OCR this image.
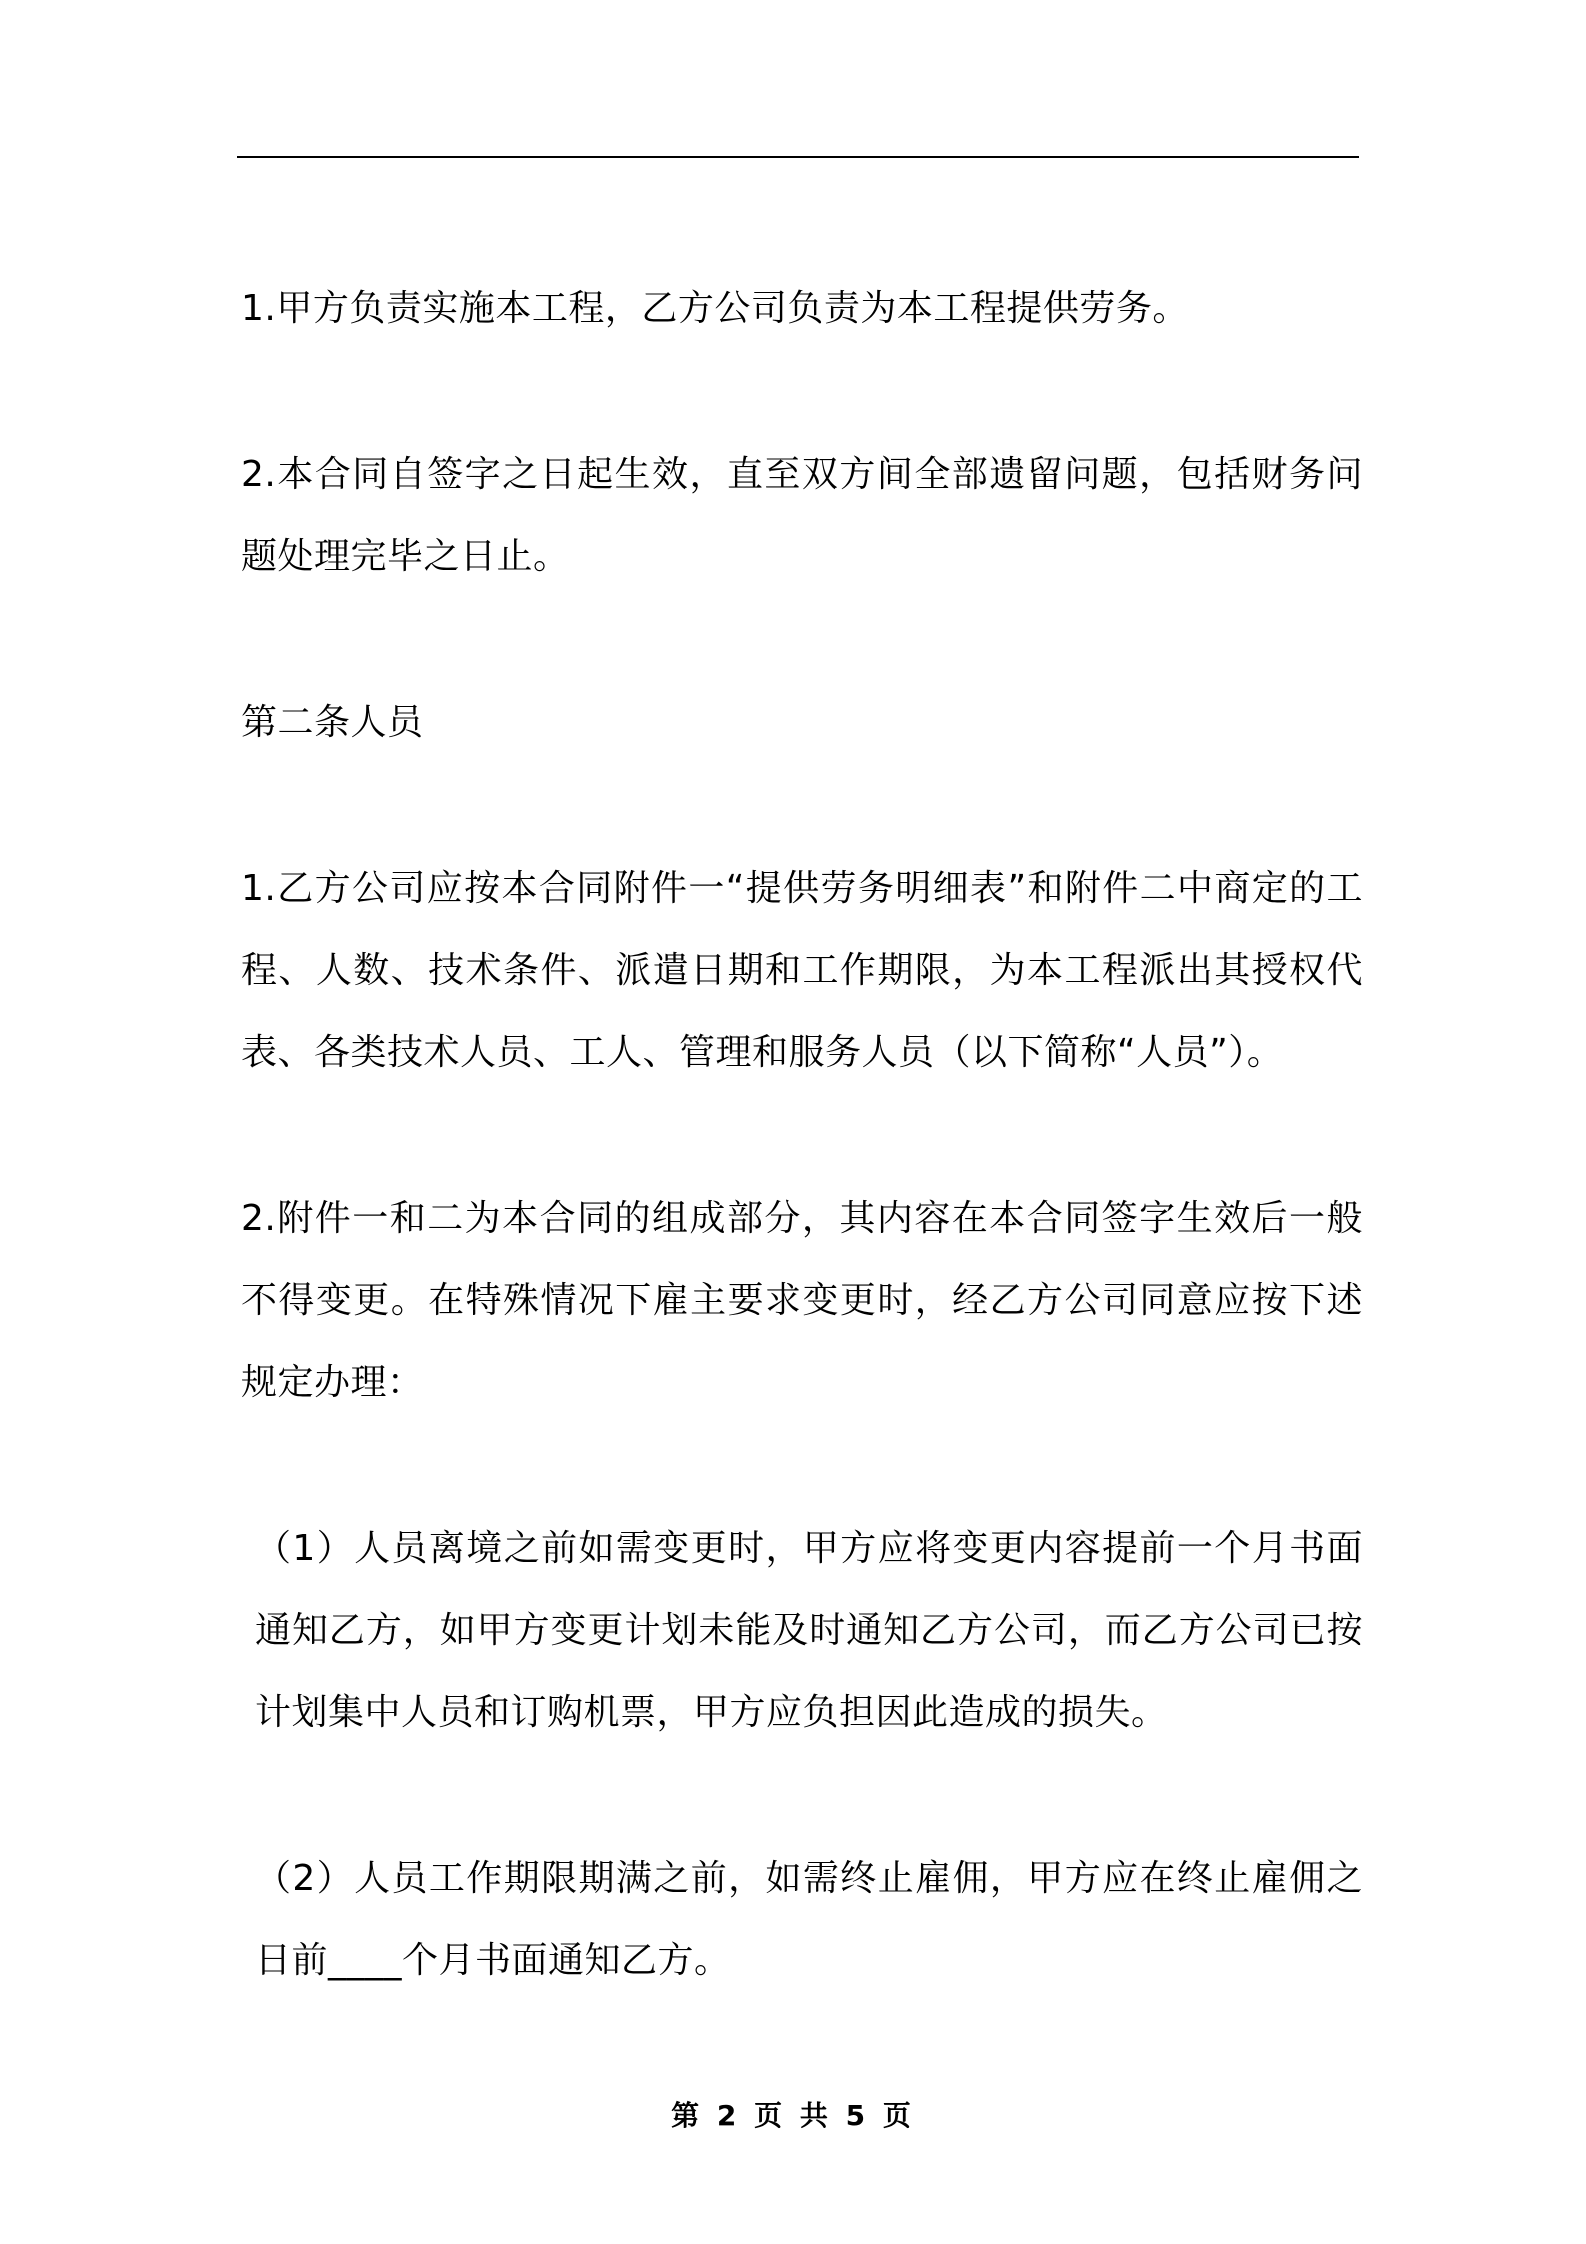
1.甲方负责实施本工程，乙方公司负责为本工程提供劳务。

2.本合同自签字之日起生效，直至双方间全部遗留问题，包括财务问题处理完毕之日止。

第二条人员

1.乙方公司应按本合同附件一“提供劳务明细表”和附件二中商定的工程、人数、技术条件、派遣日期和工作期限，为本工程派出其授权代表、各类技术人员、工人、管理和服务人员（以下简称“人员”）。

2.附件一和二为本合同的组成部分，其内容在本合同签字生效后一般不得变更。在特殊情况下雇主要求变更时，经乙方公司同意应按下述规定办理：

（1）人员离境之前如需变更时，甲方应将变更内容提前一个月书面通知乙方，如甲方变更计划未能及时通知乙方公司，而乙方公司已按计划集中人员和订购机票，甲方应负担因此造成的损失。

（2）人员工作期限期满之前，如需终止雇佣，甲方应在终止雇佣之日前____个月书面通知乙方。

第 2 页 共 5 页
